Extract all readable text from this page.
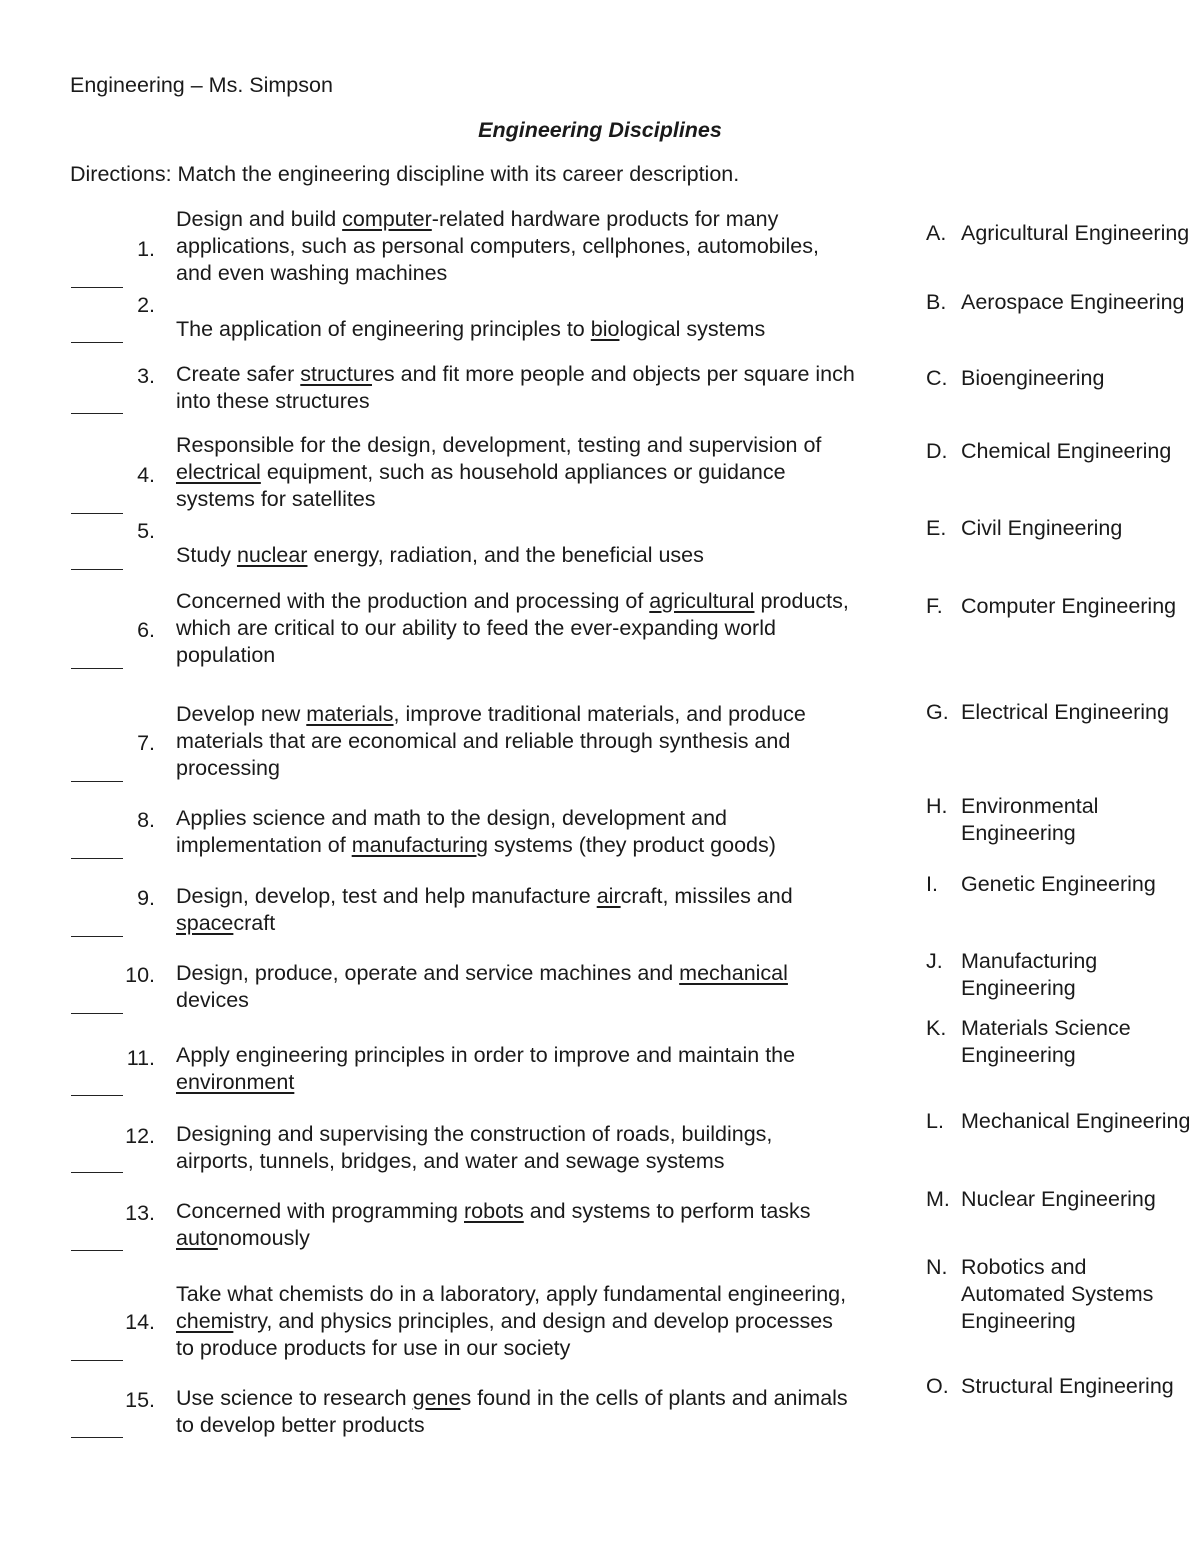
Engineering – Ms. Simpson
Engineering Disciplines
Directions: Match the engineering discipline with its career description.
1.
Design and build computer-related hardware products for many applications, such as personal computers, cellphones, automobiles, and even washing machines
2.
The application of engineering principles to biological systems
3. Create safer structures and fit more people and objects per square inch into these structures
4.
Responsible for the design, development, testing and supervision of electrical equipment, such as household appliances or guidance systems for satellites
5.
Study nuclear energy, radiation, and the beneficial uses
6.
Concerned with the production and processing of agricultural products, which are critical to our ability to feed the ever-expanding world population
7.
Develop new materials, improve traditional materials, and produce materials that are economical and reliable through synthesis and processing
8. Applies science and math to the design, development and implementation of manufacturing systems (they product goods)
9. Design, develop, test and help manufacture aircraft, missiles and spacecraft
10. Design, produce, operate and service machines and mechanical devices
11. Apply engineering principles in order to improve and maintain the environment
12. Designing and supervising the construction of roads, buildings, airports, tunnels, bridges, and water and sewage systems
13. Concerned with programming robots and systems to perform tasks autonomously
14.
Take what chemists do in a laboratory, apply fundamental engineering, chemistry, and physics principles, and design and develop processes to produce products for use in our society
15. Use science to research genes found in the cells of plants and animals to develop better products
A. Agricultural Engineering
B. Aerospace Engineering
C. Bioengineering
D. Chemical Engineering
E. Civil Engineering
F. Computer Engineering
G. Electrical Engineering
H. Environmental Engineering
I. Genetic Engineering
J. Manufacturing Engineering
K. Materials Science Engineering
L. Mechanical Engineering
M. Nuclear Engineering
N. Robotics and Automated Systems Engineering
O. Structural Engineering
